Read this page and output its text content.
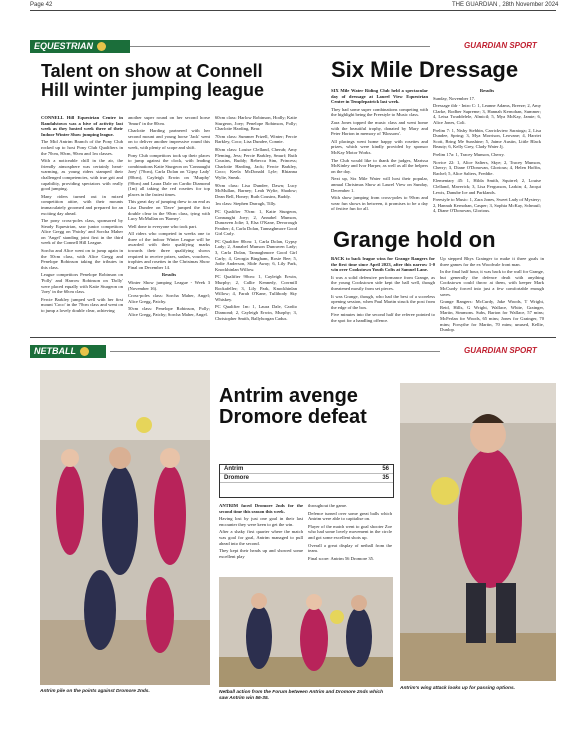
Page 42	THE GUARDIAN , 28th November 2024
EQUESTRIAN	GUARDIAN SPORT
Talent on show at Connell Hill winter jumping league

CONNELL Hill Equestrian Centre in Randalstown was a hive of activity last week as they hosted week three of their Indoor Winter Show jumping league.

The Mid Antrim Branch of the Pony Club rocked up to host Pony Club Qualifiers in the 70cm, 80cm, 90cm and 1m classes.

With a noticeable chill in the air, the friendly atmosphere was certainly heart-warming, as young riders stamped their challenged competencies, with true grit and capability, providing spectators with really good jumping.

Many riders turned out in mixed competition attire, with their mounts immaculately groomed and prepared for an exciting day ahead.

The pony cross-poles class, sponsored by Steady Equestrian, saw junior competitors Alice Gregg on 'Patchy' and Sorcha Maher on 'Angel' standing joint first in the third week of the Connell Hill League.

Sorcha and Alice went on to jump again in the 50cm class, with Alice Gregg and Penelope Robinson taking the tributes in this class.

League competitors Penelope Robinson on 'Polly' and Harrow Robinson on 'Dolly' were placed equally with Katie Sturgeon on 'Joey' in the 60cm class.

Fercie Barkley jumped well with her first mount 'Coco' in the 70cm class and went on to jump a lovely double clear, achieving

another super round on her second horse 'Smurf' in the 80cm.

Charlotte Harding partnered with her second mount and young horse 'Jack' went on to deliver another impressive round this week, with plenty of scope and shift.

Pony Club competitors took up their places to jump against the clock, with leading combinations Katie Sturgeon on 'Connaught Joey' (70cm), Carla Dolan on 'Gipsy Lady' (80cm), Cayleigh Erwin on 'Murphy' (90cm) and Laura Dale on Cardio Diamond (1m) all taking the red rosettes for top places in the fastest times.

This great day of jumping drew to an end as Lisa Dundee on 'Dave' jumped the first double clear in the 90cm class, tying with Lucy McMullan on 'Barney'.

Well done to everyone who took part.

All riders who competed in weeks one to three of the indoor Winter League will be awarded with their qualifying marks towards their three qualifying shows required to receive prizes, sashes, vouchers, trophies and rosettes in the Christmas Show Final on December 14.

Results

Winter Show jumping League - Week 3 (November 16).

Cross-poles class: Sorcha Maher, Angel; Alice Gregg, Patchy.

50cm class: Penelope Robinson, Polly; Alice Gregg, Patchy; Sorcha Maher, Angel.

60cm class: Harlow Robinson, Hodly; Katie Sturgeon, Joey; Penelope Robinson, Polly; Charlotte Harding, Bear.

70cm class: Summer Frizell, Winter; Fercie Barkley, Coco; Lisa Dundee, Connie.

80cm class: Louise Clelland, Cherub; Amy Fleming, Jess; Fercie Barkley, Smurf; Ruth Cousins, Buddy; Rebecca Sim, Princess; Charlotte Harding, Jack; Fercie Barkley, Coco; Keela McDonald Lyle; Rhianna Wylie, Sneak.

90cm class: Lisa Dundee, Dawn; Lucy McMullan, Barney; Leah Wylie, Shadow; Dean Bell, Honey; Ruth Cousins, Buddy.

1m class: Stephen Darragh, Tilly.

PC Qualifier 70cm: 1, Katie Sturgeon, Connaught Joey; 2, Annabel Munson, Dunraven Jolie; 3, Elsa O'Kane, Devorough Feather; 4, Carla Dolan, Tannaghmore Good Girl Carly.

PC Qualifier 80cm: 1, Carla Dolan, Gypsy Lady; 2, Annabel Munson Dunraven Lady; 3, Carla Dolan, Tannaghmore Good Girl Carly; 4, Georgia Bingham, Rosie Bee; 5, Jodie Anderson, Slide Away; 6, Lily Park, Knockhinlan Willow.

PC Qualifier 90cm: 1, Cayleigh Erwin, Murphy; 2, Callie Kennedy, Corrmill Rockafeller; 3, Lily Park, Knockhinlan Willow; 4, Farah O'Kane, Tullibody Sky Whiskey.

PC Qualifier 1m: 1, Laura Dale, Cardio Diamond; 2, Cayleigh Erwin, Murphy; 3, Christopher Smith, Ballyhorgan Cadus.

Six Mile Dressage

SIX Mile Water Riding Club held a spectacular day of dressage at Laurel View Equestrian Centre in Templepatrick last week.

They had some super combinations competing with the highlight being the Freestyle to Music class.

Zara Jones topped the music class and went home with the beautiful trophy, donated by Mary and Peter Horton in memory of 'Blossom'.

All placings went home happy with rosettes and prizes, which were kindly provided by sponsor McKay Motor Works.

The Club would like to thank the judges, Marissa McKinley and Ivor Harper, as well as all the helpers on the day.

Next up, Six Mile Water will host their popular, annual Christmas Show at Laurel View on Sunday, December 1.

With show jumping from cross-poles to 90cm and wear fun shows in between, it promises to be a day of festive fun for all.

Results

Sunday, November 17.

Dressage tldr - Intro C: 1, Leanne Adams, Breeze; 2, Amy Clarke, Rodber Supreme; 3, Hannah Kernohan, Summer; 4, Leisa Twaddelele, Almicil; 5, Mya McKay, Jamie; 6, Alice Jones, Coli.

Prelim 7: 1, Nisby Stebbin, Carrickview Saratoga; 2, Lisa Dundee, Spring; 3, Mya Morrison, Leovane; 4, Harriet Scott, Bring Me Sunshine; 5, Jaime Austin, Little Black Beauty; 6, Kelly Grey, Clady Water Jj.

Prelim 17a: 1, Tracey Munson, Cherry.

Novice 22: 1, Alice Salters, Skye; 2, Tracey Munson, Cherry; 3, Diane O'Donovan, Glorious; 4, Helen Hoffin, Rachel; 5, Alice Salters, Freddie.

Elementary 45: 1, Hilda Smith, Squirrel; 2, Louise Clelland, Maverick; 3, Lisa Fergusson, Larkin; 4, Jacqui Lewis, Danube Ice and Parklands.

Freestyle to Music: 1, Zara Jones, Sweet Lady of Mystery; 2, Hannah Kernohan, Casper; 3, Sophia McKay, Schmuil; 4, Diane O'Donovan, Glorious.

Grange hold on

BACK to back league wins for Grange Rangers for the first time since April 2023, after this narrow 1-0 win over Cookstown Youth Colts at Samuel Lane.

It was a solid defensive performance from Grange, as the young Cookstown side kept the ball well, though threatened mostly from set pieces.

It was Grange, though, who had the best of a scoreless opening session, when Paul Martin struck the post from the edge of the box.

Five minutes into the second half the referee pointed to the spot for a handling offence.

Up stepped Rhys Grainger to make it three goals in three games for the ex Woodvale front man.

In the final half hour, it was back to the wall for Grange, but generally the defence dealt with anything Cookstown could throw at them, with keeper Mark McCurdy forced into just a few comfortable enough saves.

Grange Rangers: McCurdy, Jake Woods, T Wright, Reid, Hills, G Wright, Wallace, White, Grainger, Martin, Simmons. Subs, Barton for Wallace, 57 mins; McFerlan for Woods, 65 mins; Jones for Grainger, 70 mins; Forsythe for Martin, 70 mins; unused, Kellie, Dunlop.

NETBALL	GUARDIAN SPORT
Antrim pile on the points against Dromore 2nds.
Antrim avenge Dromore defeat
Antrim	56
Dromore	35

ANTRIM faced Dromore 2nds for the second time this season this week.

Having lost by just one goal in their last encounter they were keen to get the win.

After a shaky first quarter where the match was goal for goal, Antrim managed to pull ahead into the second.

They kept their heads up and showed some excellent play

throughout the game.

Defence turned over some great balls which Antrim were able to capitalise on.

Player of the match went to goal shooter Zoe who had some lovely movement in the circle and got some excellent shots up.

Overall a great display of netball from the team.

Final score: Antrim 56 Dromore 35.

Netball action from the Forum between Antrim and Dromore 2nds which saw Antrim win 56-35.
Antrim's wing attack looks up for passing options.
